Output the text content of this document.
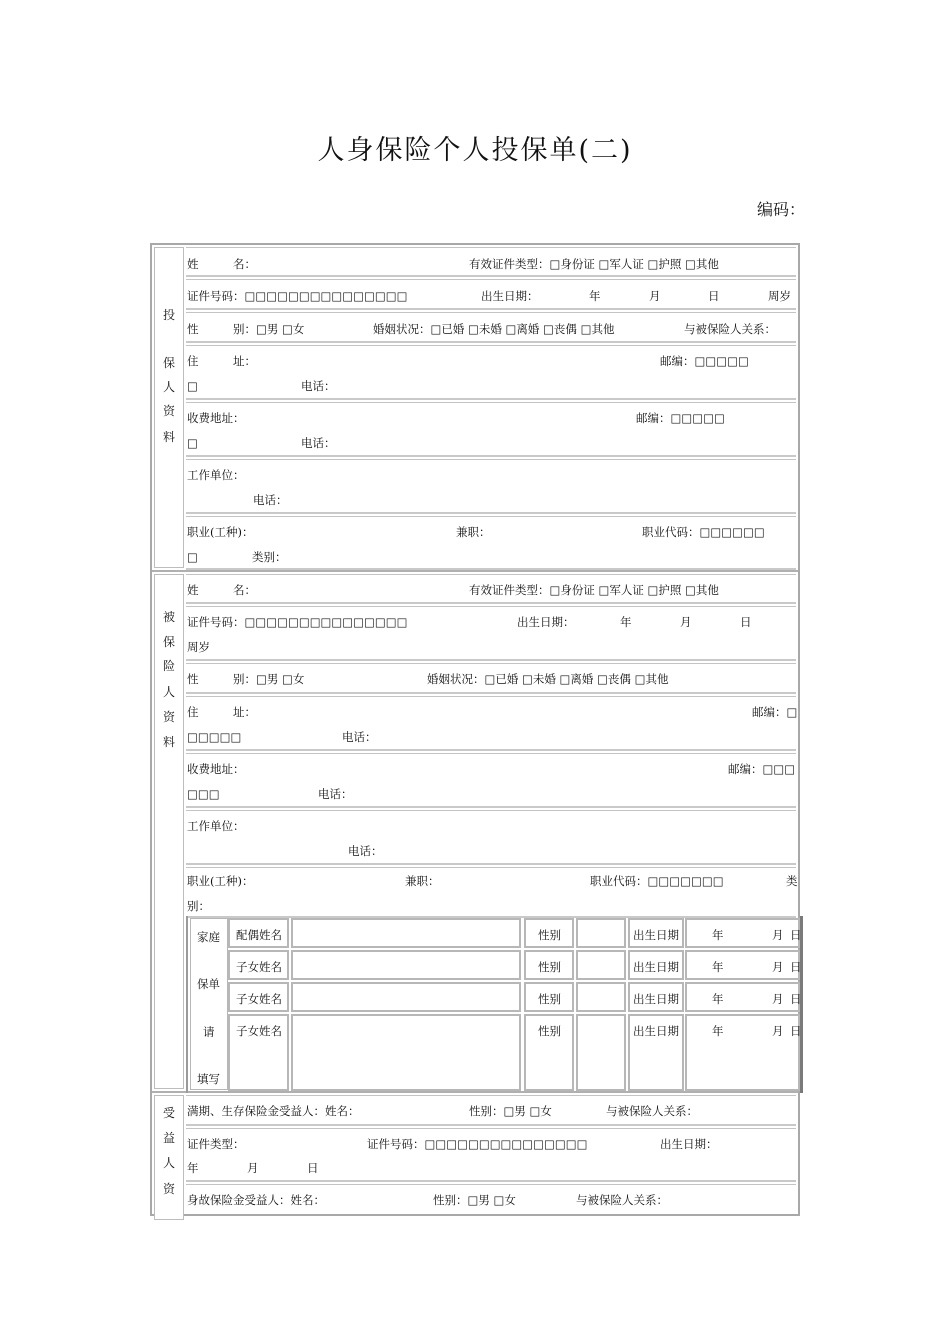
人身保险个人投保单(二)
编码：
投
保
人
资
料
姓　　　名：	有效证件类型：□身份证 □军人证 □护照 □其他
证件号码：□□□□□□□□□□□□□□□	出生日期：	年	月	日	周岁
性　　　别：□男 □女	婚姻状况：□已婚 □未婚 □离婚 □丧偶 □其他	与被保险人关系：
住　　　址：	邮编：□□□□□
□	电话：
收费地址：	邮编：□□□□□
□	电话：
工作单位：
电话：
职业(工种)：	兼职：	职业代码：□□□□□□
□	类别：
被
保
险
人
资
料
姓　　　名：	有效证件类型：□身份证 □军人证 □护照 □其他
证件号码：□□□□□□□□□□□□□□□	出生日期：	年	月	日
周岁
性　　　别：□男 □女	婚姻状况：□已婚 □未婚 □离婚 □丧偶 □其他
住　　　址：	邮编：□
□□□□□	电话：
收费地址：	邮编：□□□
□□□	电话：
工作单位：
电话：
职业(工种)：	兼职：	职业代码：□□□□□□□	类
别：
家庭
保单
请
填写
配偶姓名	性别	出生日期	年	月 日
子女姓名	性别	出生日期	年	月 日
子女姓名	性别	出生日期	年	月 日
子女姓名	性别	出生日期	年	月 日
受
益
人
资
满期、生存保险金受益人：姓名：	性别：□男 □女	与被保险人关系：
证件类型：	证件号码：□□□□□□□□□□□□□□□	出生日期：
年	月	日
身故保险金受益人：姓名：	性别：□男 □女	与被保险人关系：
